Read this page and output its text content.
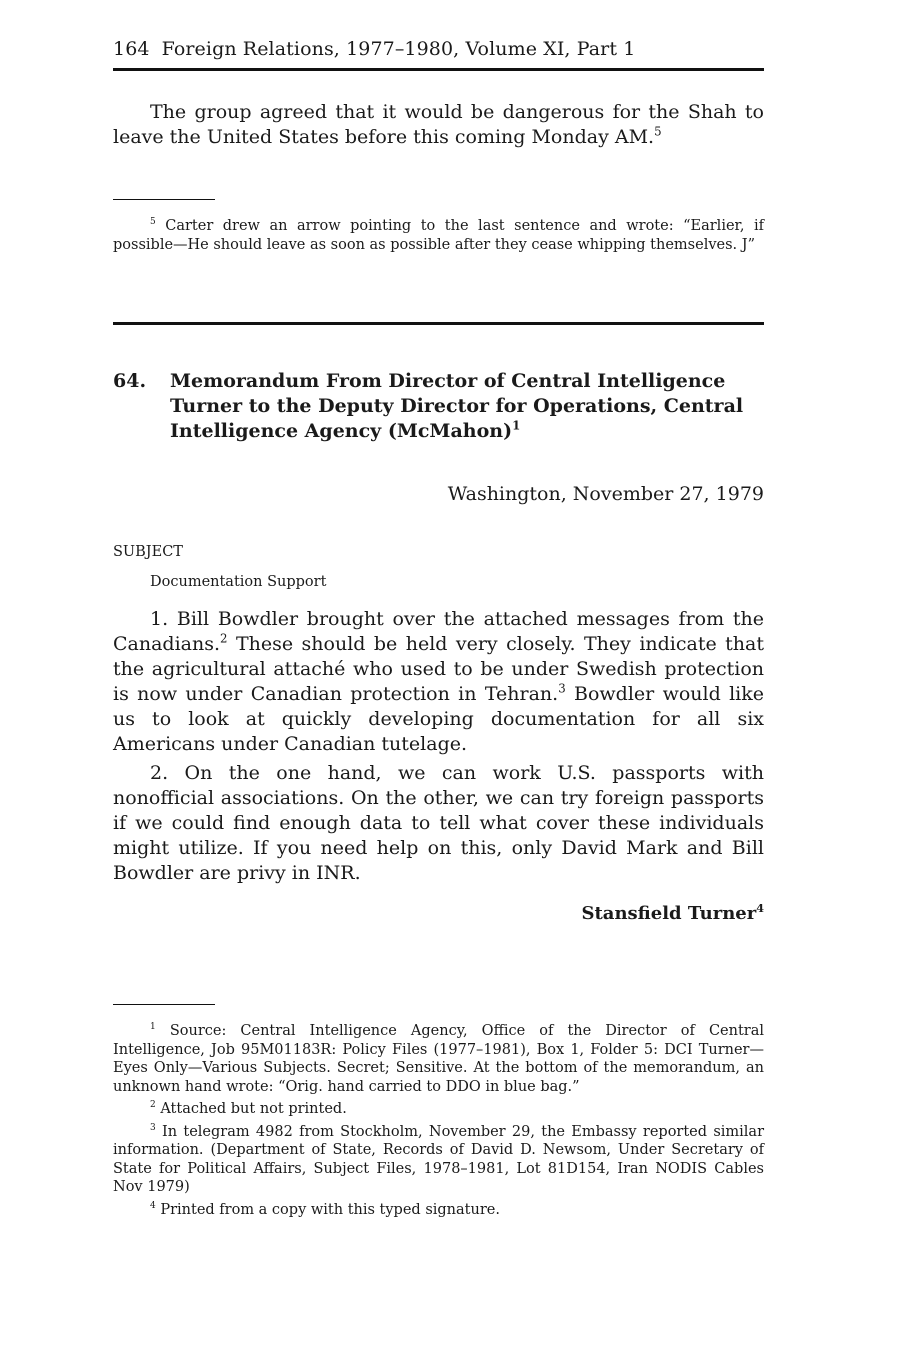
164 Foreign Relations, 1977–1980, Volume XI, Part 1

The group agreed that it would be dangerous for the Shah to leave the United States before this coming Monday AM.$^5$

$^5$ Carter drew an arrow pointing to the last sentence and wrote: “Earlier, if possible—He should leave as soon as possible after they cease whipping themselves. J”

64. Memorandum From Director of Central Intelligence Turner to the Deputy Director for Operations, Central Intelligence Agency (McMahon)$^1$
Washington, November 27, 1979
SUBJECT
Documentation Support

1. Bill Bowdler brought over the attached messages from the Canadians.$^2$ These should be held very closely. They indicate that the agricultural attaché who used to be under Swedish protection is now under Canadian protection in Tehran.$^3$ Bowdler would like us to look at quickly developing documentation for all six Americans under Canadian tutelage.

2. On the one hand, we can work U.S. passports with nonofficial associations. On the other, we can try foreign passports if we could find enough data to tell what cover these individuals might utilize. If you need help on this, only David Mark and Bill Bowdler are privy in INR.

Stansfield Turner$^4$

$^1$ Source: Central Intelligence Agency, Office of the Director of Central Intelligence, Job 95M01183R: Policy Files (1977–1981), Box 1, Folder 5: DCI Turner—Eyes Only—Various Subjects. Secret; Sensitive. At the bottom of the memorandum, an unknown hand wrote: “Orig. hand carried to DDO in blue bag.”

$^2$ Attached but not printed.

$^3$ In telegram 4982 from Stockholm, November 29, the Embassy reported similar information. (Department of State, Records of David D. Newsom, Under Secretary of State for Political Affairs, Subject Files, 1978–1981, Lot 81D154, Iran NODIS Cables Nov 1979)

$^4$ Printed from a copy with this typed signature.
